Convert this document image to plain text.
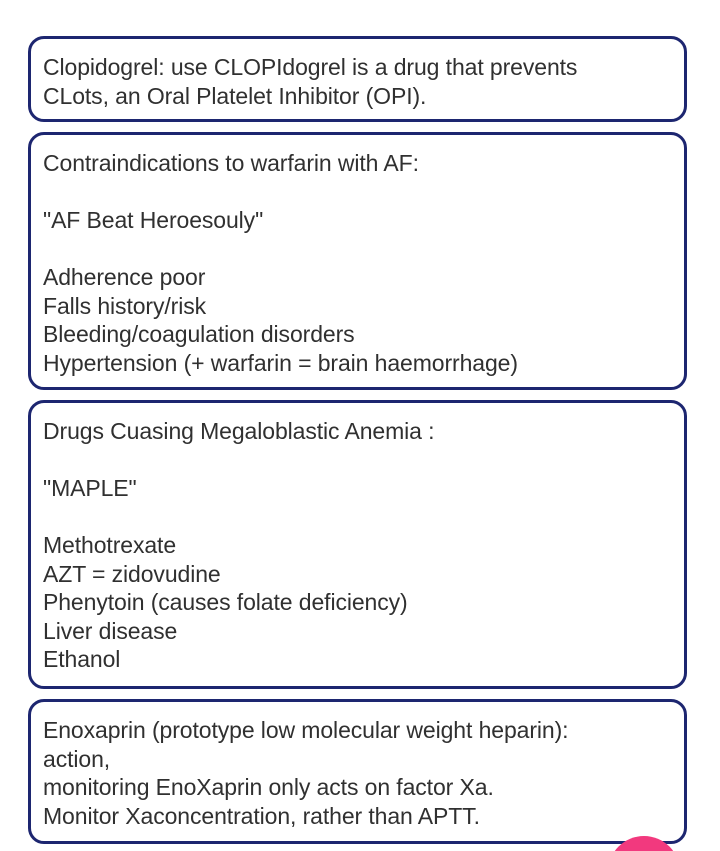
Clopidogrel: use CLOPIdogrel is a drug that prevents
CLots, an Oral Platelet Inhibitor (OPI).
Contraindications to warfarin with AF:
"AF Beat Heroesouly"
Adherence poor
Falls history/risk
Bleeding/coagulation disorders
Hypertension (+ warfarin = brain haemorrhage)
Drugs Cuasing Megaloblastic Anemia :
"MAPLE"
Methotrexate
AZT = zidovudine
Phenytoin (causes folate deficiency)
Liver disease
Ethanol
Enoxaprin (prototype low molecular weight heparin):
action,
monitoring EnoXaprin only acts on factor Xa.
Monitor Xaconcentration, rather than APTT.
